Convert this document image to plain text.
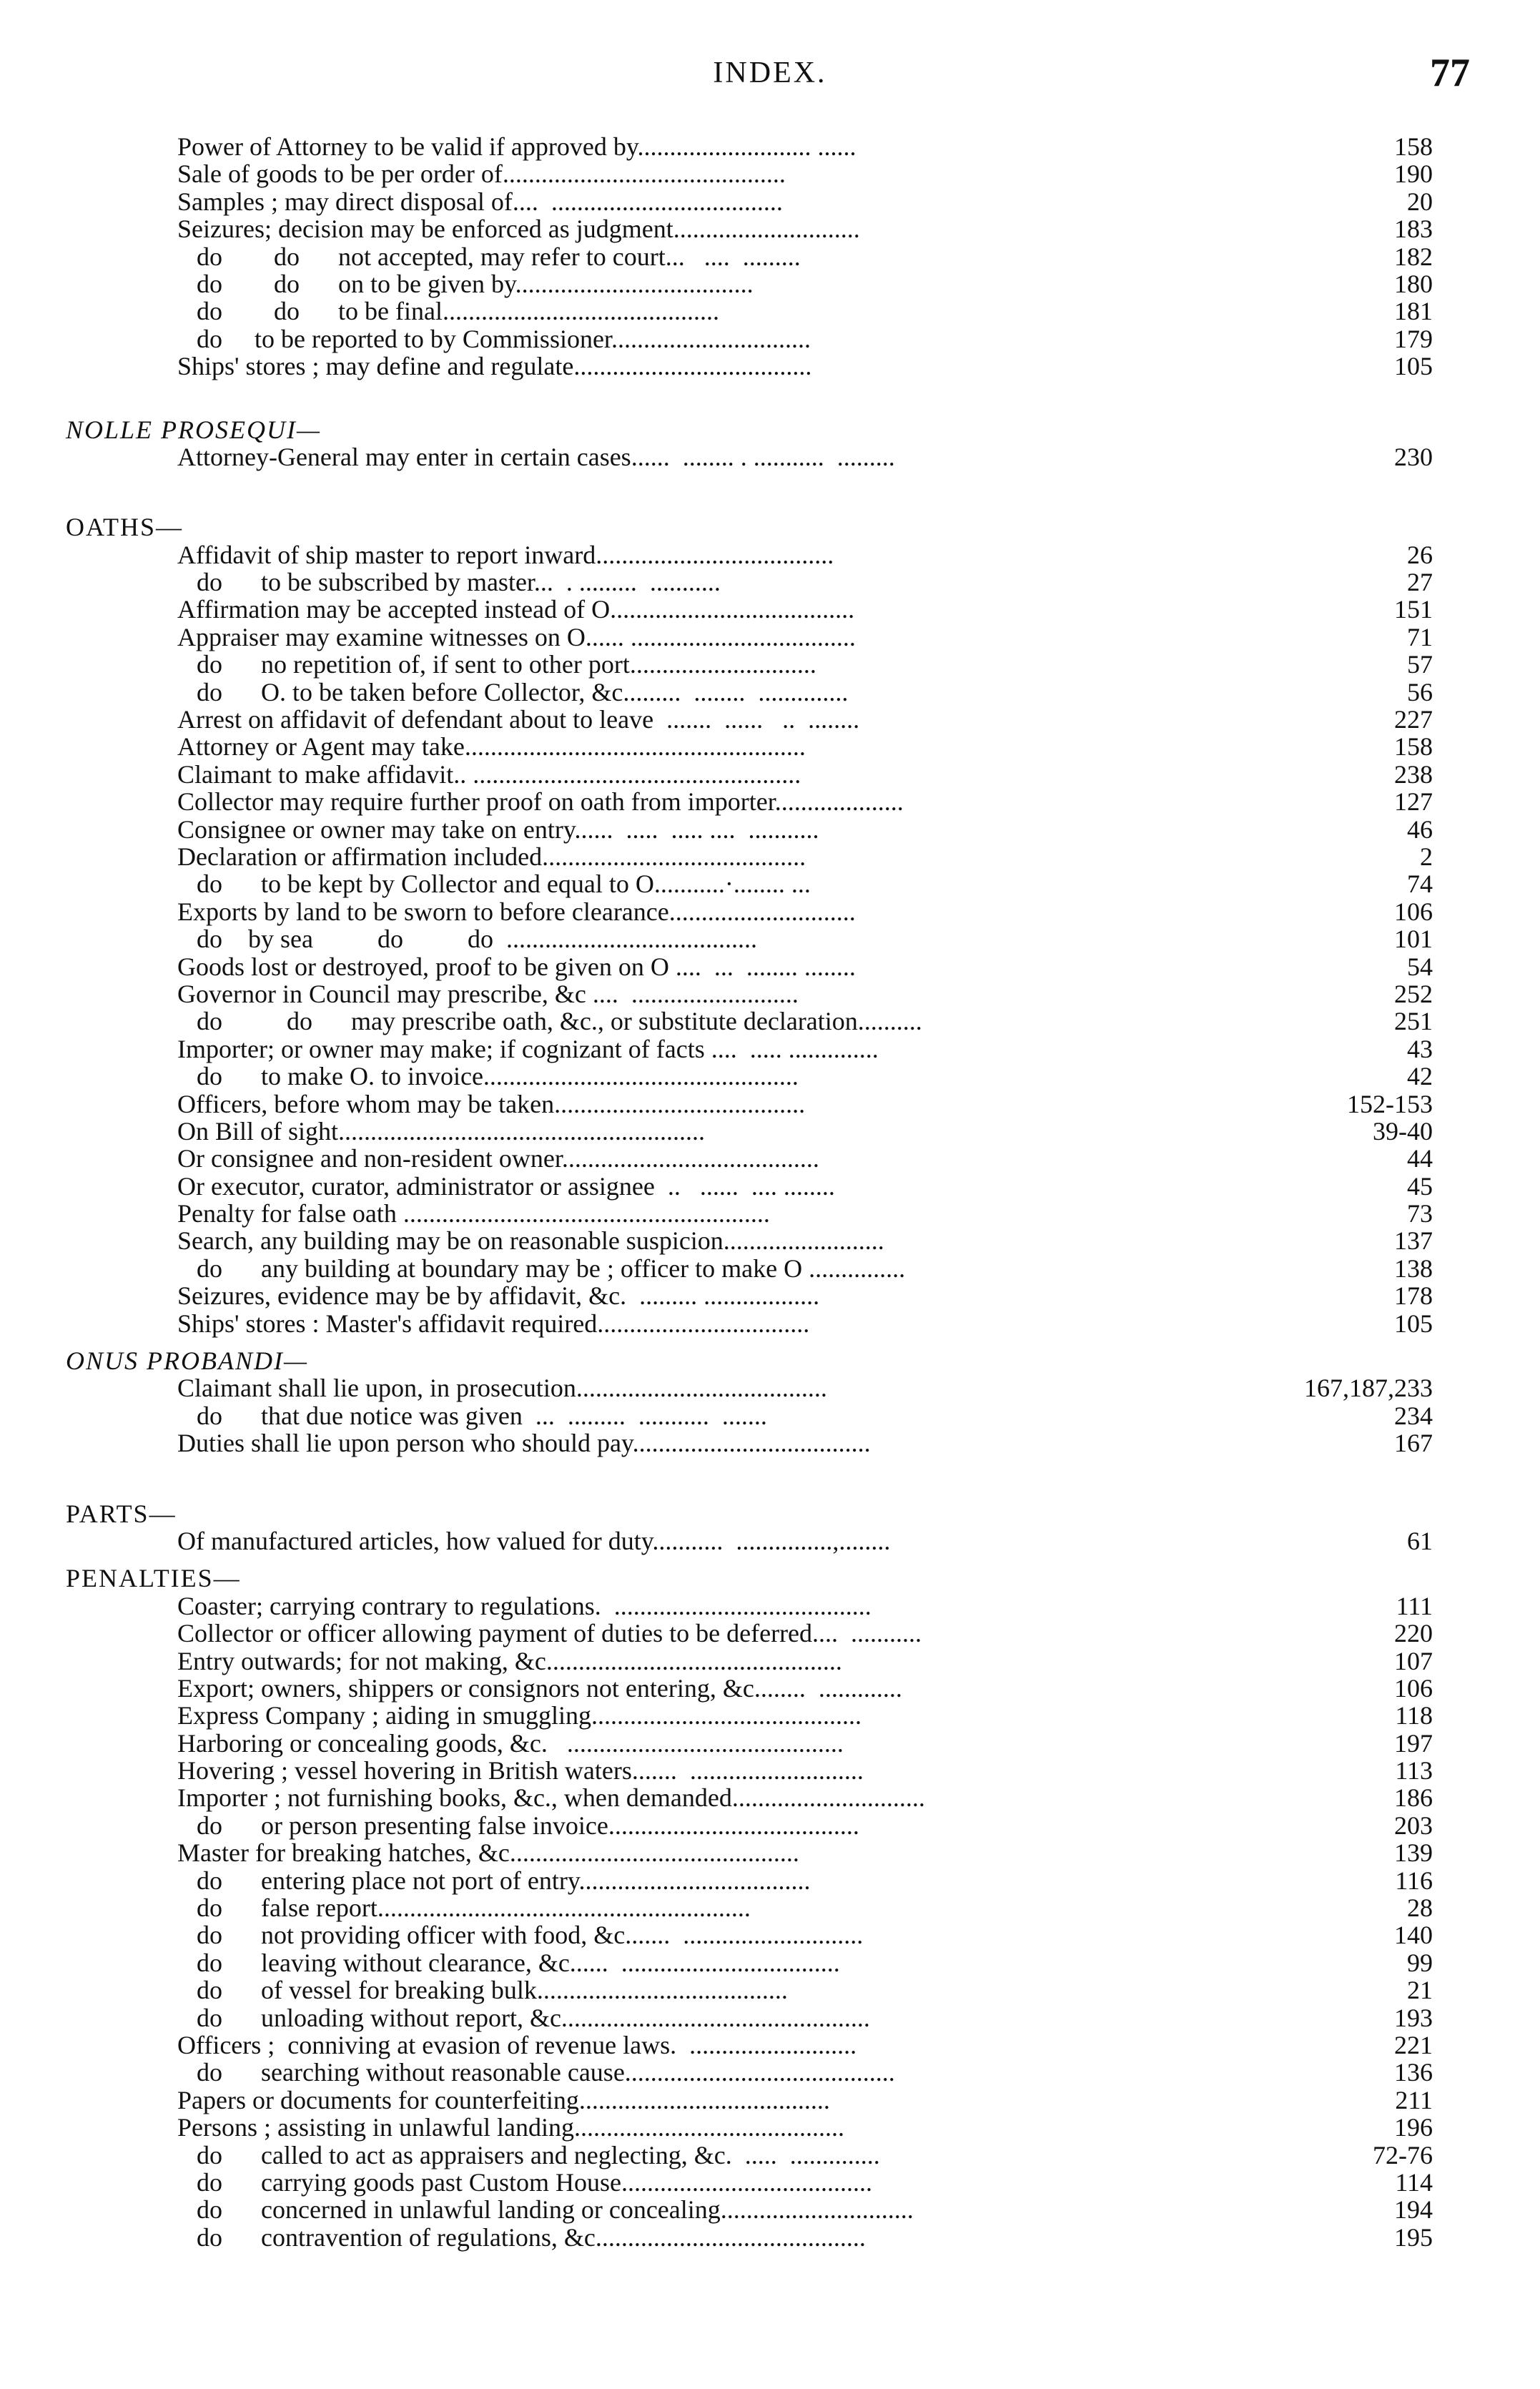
INDEX.	77
Power of Attorney to be valid if approved by........................... ......	158
Sale of goods to be per order of............................................	190
Samples ; may direct disposal of....  ....................................	20
Seizures; decision may be enforced as judgment.............................	183
do        do      not accepted, may refer to court...   ....  .........	182
do        do      on to be given by.....................................	180
do        do      to be final...........................................	181
do     to be reported to by Commissioner...............................	179
Ships' stores ; may define and regulate.....................................	105
NOLLE PROSEQUI—
Attorney-General may enter in certain cases......  ........ . ...........  .........	230
OATHS—
Affidavit of ship master to report inward.....................................	26
do      to be subscribed by master...  . .........  ...........	27
Affirmation may be accepted instead of O......................................	151
Appraiser may examine witnesses on O...... ...................................	71
do      no repetition of, if sent to other port.............................	57
do      O. to be taken before Collector, &c.........  ........  ..............	56
Arrest on affidavit of defendant about to leave  .......  ......   ..  ........	227
Attorney or Agent may take.....................................................	158
Claimant to make affidavit.. ...................................................	238
Collector may require further proof on oath from importer....................	127
Consignee or owner may take on entry......  .....  ..... ....  ...........	46
Declaration or affirmation included.........................................	2
do      to be kept by Collector and equal to O...........·........ ...	74
Exports by land to be sworn to before clearance.............................	106
do    by sea          do          do  .......................................	101
Goods lost or destroyed, proof to be given on O ....  ...  ........ ........	54
Governor in Council may prescribe, &c ....  ..........................	252
do          do      may prescribe oath, &c., or substitute declaration..........	251
Importer; or owner may make; if cognizant of facts ....  ..... ..............	43
do      to make O. to invoice.................................................	42
Officers, before whom may be taken.......................................	152-153
On Bill of sight.........................................................	39-40
Or consignee and non-resident owner........................................	44
Or executor, curator, administrator or assignee  ..   ......  .... ........	45
Penalty for false oath .........................................................	73
Search, any building may be on reasonable suspicion.........................	137
do      any building at boundary may be ; officer to make O ...............	138
Seizures, evidence may be by affidavit, &c.  ......... ..................	178
Ships' stores : Master's affidavit required.................................	105
ONUS PROBANDI—
Claimant shall lie upon, in prosecution.......................................	167,187,233
do      that due notice was given  ...  .........  ...........  .......	234
Duties shall lie upon person who should pay.....................................	167
PARTS—
Of manufactured articles, how valued for duty...........  ...............,........	61
PENALTIES—
Coaster; carrying contrary to regulations.  ........................................	111
Collector or officer allowing payment of duties to be deferred....  ...........	220
Entry outwards; for not making, &c..............................................	107
Export; owners, shippers or consignors not entering, &c........  .............	106
Express Company ; aiding in smuggling..........................................	118
Harboring or concealing goods, &c.   ...........................................	197
Hovering ; vessel hovering in British waters.......  ...........................	113
Importer ; not furnishing books, &c., when demanded..............................	186
do      or person presenting false invoice.......................................	203
Master for breaking hatches, &c.............................................	139
do      entering place not port of entry....................................	116
do      false report..........................................................	28
do      not providing officer with food, &c.......  ............................	140
do      leaving without clearance, &c......  ..................................	99
do      of vessel for breaking bulk.......................................	21
do      unloading without report, &c................................................	193
Officers ;  conniving at evasion of revenue laws.  ..........................	221
do      searching without reasonable cause..........................................	136
Papers or documents for counterfeiting.......................................	211
Persons ; assisting in unlawful landing..........................................	196
do      called to act as appraisers and neglecting, &c.  .....  ..............	72-76
do      carrying goods past Custom House.......................................	114
do      concerned in unlawful landing or concealing..............................	194
do      contravention of regulations, &c..........................................	195
